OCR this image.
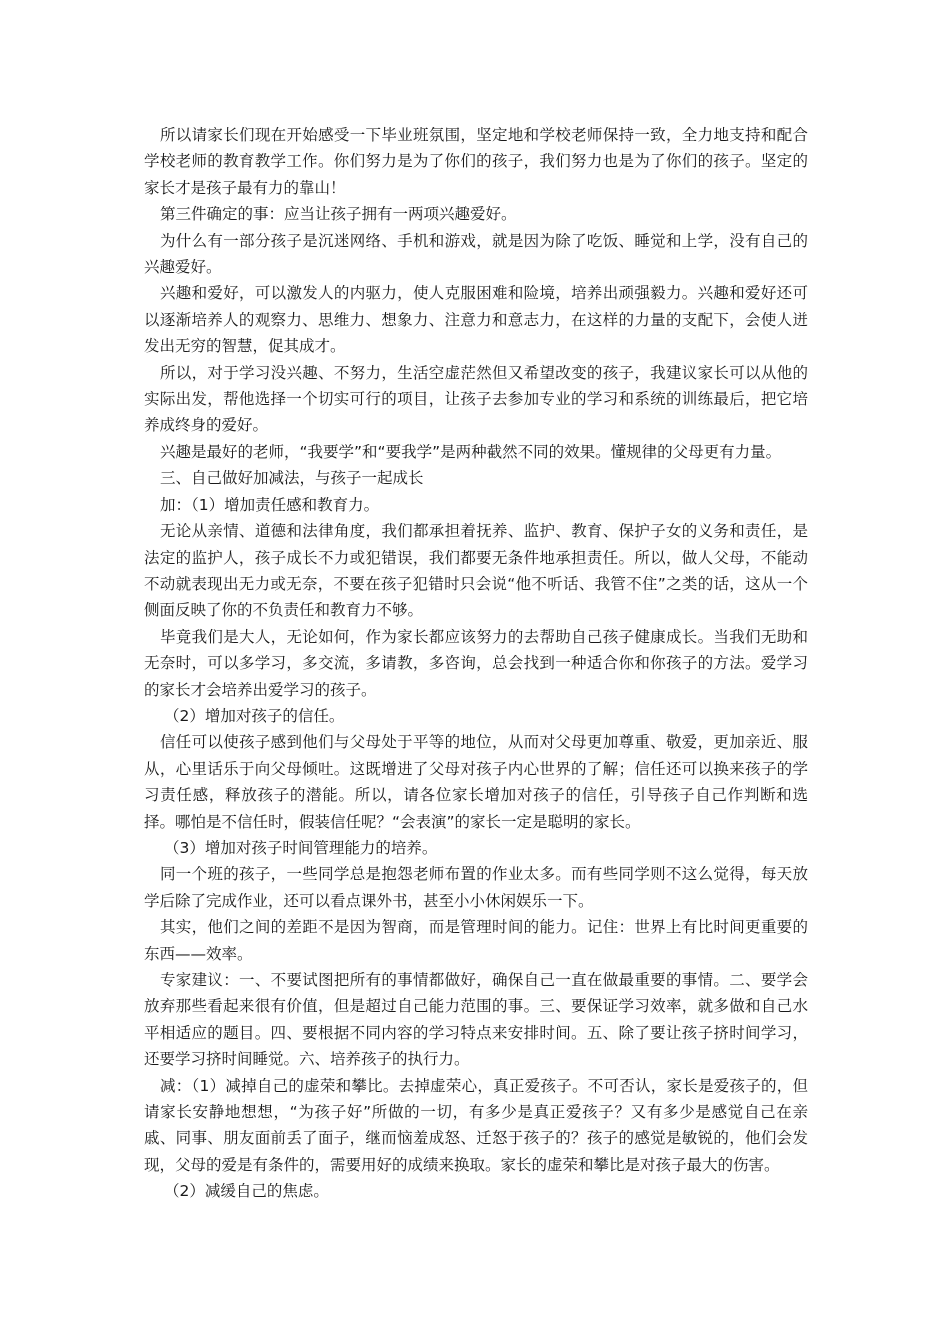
所以请家长们现在开始感受一下毕业班氛围，坚定地和学校老师保持一致，全力地支持和配合学校老师的教育教学工作。你们努力是为了你们的孩子，我们努力也是为了你们的孩子。坚定的家长才是孩子最有力的靠山！

第三件确定的事：应当让孩子拥有一两项兴趣爱好。

为什么有一部分孩子是沉迷网络、手机和游戏，就是因为除了吃饭、睡觉和上学，没有自己的兴趣爱好。

兴趣和爱好，可以激发人的内驱力，使人克服困难和险境，培养出顽强毅力。兴趣和爱好还可以逐渐培养人的观察力、思维力、想象力、注意力和意志力，在这样的力量的支配下，会使人迸发出无穷的智慧，促其成才。

所以，对于学习没兴趣、不努力，生活空虚茫然但又希望改变的孩子，我建议家长可以从他的实际出发，帮他选择一个切实可行的项目，让孩子去参加专业的学习和系统的训练最后，把它培养成终身的爱好。

兴趣是最好的老师，“我要学”和“要我学”是两种截然不同的效果。懂规律的父母更有力量。

三、自己做好加减法，与孩子一起成长

加：（1）增加责任感和教育力。

无论从亲情、道德和法律角度，我们都承担着抚养、监护、教育、保护子女的义务和责任，是法定的监护人，孩子成长不力或犯错误，我们都要无条件地承担责任。所以，做人父母，不能动不动就表现出无力或无奈，不要在孩子犯错时只会说“他不听话、我管不住”之类的话，这从一个侧面反映了你的不负责任和教育力不够。

毕竟我们是大人，无论如何，作为家长都应该努力的去帮助自己孩子健康成长。当我们无助和无奈时，可以多学习，多交流，多请教，多咨询，总会找到一种适合你和你孩子的方法。爱学习的家长才会培养出爱学习的孩子。

（2）增加对孩子的信任。

信任可以使孩子感到他们与父母处于平等的地位，从而对父母更加尊重、敬爱，更加亲近、服从，心里话乐于向父母倾吐。这既增进了父母对孩子内心世界的了解；信任还可以换来孩子的学习责任感，释放孩子的潜能。所以，请各位家长增加对孩子的信任，引导孩子自己作判断和选择。哪怕是不信任时，假装信任呢？“会表演”的家长一定是聪明的家长。

（3）增加对孩子时间管理能力的培养。

同一个班的孩子，一些同学总是抱怨老师布置的作业太多。而有些同学则不这么觉得，每天放学后除了完成作业，还可以看点课外书，甚至小小休闲娱乐一下。

其实，他们之间的差距不是因为智商，而是管理时间的能力。记住：世界上有比时间更重要的东西——效率。

专家建议：一、不要试图把所有的事情都做好，确保自己一直在做最重要的事情。二、要学会放弃那些看起来很有价值，但是超过自己能力范围的事。三、要保证学习效率，就多做和自己水平相适应的题目。四、要根据不同内容的学习特点来安排时间。五、除了要让孩子挤时间学习，还要学习挤时间睡觉。六、培养孩子的执行力。

减：（1）减掉自己的虚荣和攀比。去掉虚荣心，真正爱孩子。不可否认，家长是爱孩子的，但请家长安静地想想，“为孩子好”所做的一切，有多少是真正爱孩子？又有多少是感觉自己在亲戚、同事、朋友面前丢了面子，继而恼羞成怒、迁怒于孩子的？孩子的感觉是敏锐的，他们会发现，父母的爱是有条件的，需要用好的成绩来换取。家长的虚荣和攀比是对孩子最大的伤害。

（2）减缓自己的焦虑。
